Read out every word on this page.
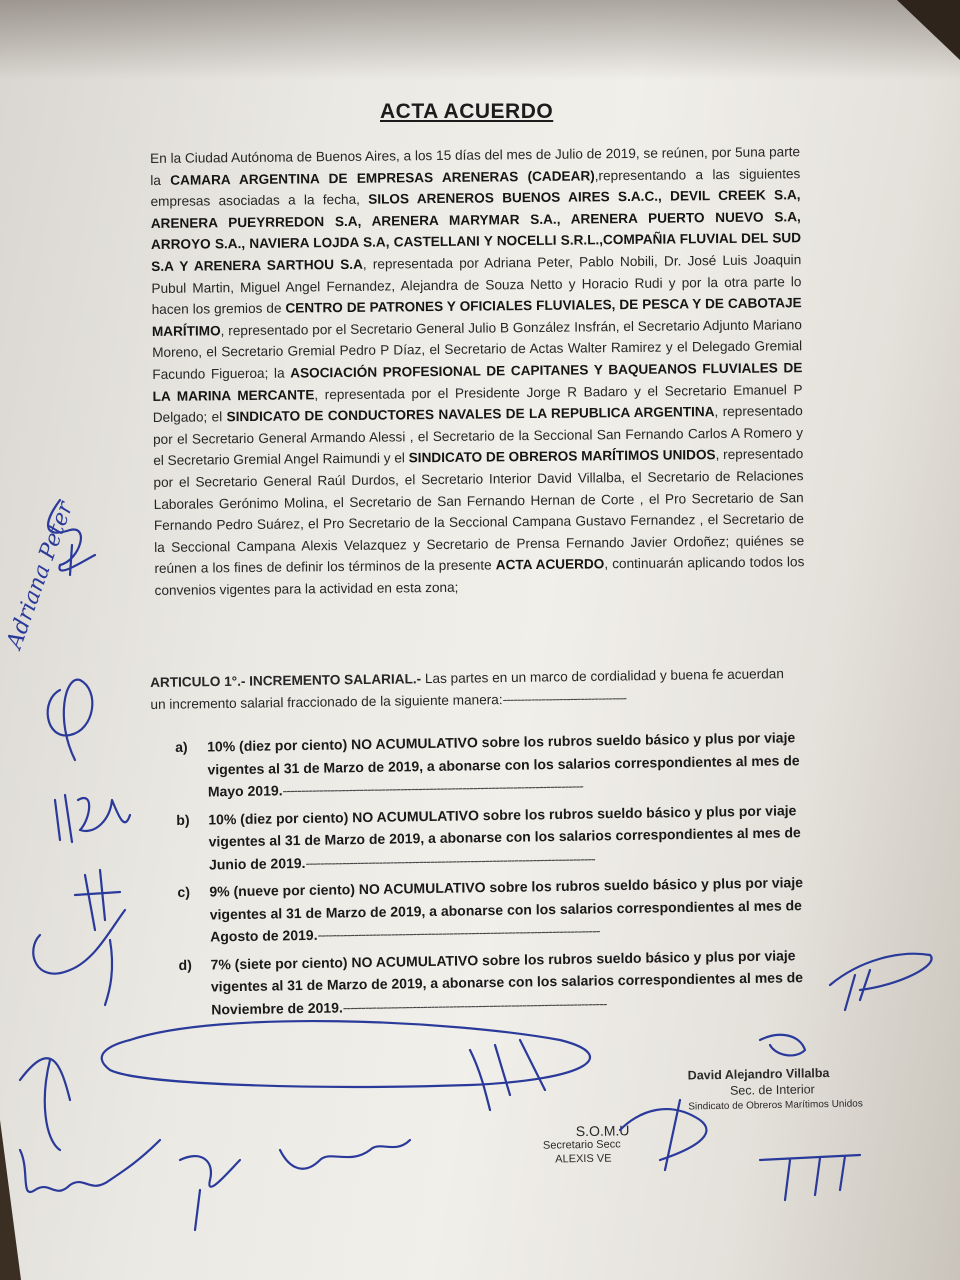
ACTA ACUERDO
En la Ciudad Autónoma de Buenos Aires, a los 15 días del mes de Julio de 2019, se reúnen, por 5una parte la CAMARA ARGENTINA DE EMPRESAS ARENERAS (CADEAR),representando a las siguientes empresas asociadas a la fecha, SILOS ARENEROS BUENOS AIRES S.A.C., DEVIL CREEK S.A, ARENERA PUEYRREDON S.A, ARENERA MARYMAR S.A., ARENERA PUERTO NUEVO S.A, ARROYO S.A., NAVIERA LOJDA S.A, CASTELLANI Y NOCELLI S.R.L.,COMPAÑIA FLUVIAL DEL SUD S.A Y ARENERA SARTHOU S.A, representada por Adriana Peter, Pablo Nobili, Dr. José Luis Joaquin Pubul Martin, Miguel Angel Fernandez, Alejandra de Souza Netto y Horacio Rudi y por la otra parte lo hacen los gremios de CENTRO DE PATRONES Y OFICIALES FLUVIALES, DE PESCA Y DE CABOTAJE MARÍTIMO, representado por el Secretario General Julio B González Insfrán, el Secretario Adjunto Mariano Moreno, el Secretario Gremial Pedro P Díaz, el Secretario de Actas Walter Ramirez y el Delegado Gremial Facundo Figueroa; la ASOCIACIÓN PROFESIONAL DE CAPITANES Y BAQUEANOS FLUVIALES DE LA MARINA MERCANTE, representada por el Presidente Jorge R Badaro y el Secretario Emanuel P Delgado; el SINDICATO DE CONDUCTORES NAVALES DE LA REPUBLICA ARGENTINA, representado por el Secretario General Armando Alessi , el Secretario de la Seccional San Fernando Carlos A Romero y el Secretario Gremial Angel Raimundi y el SINDICATO DE OBREROS MARÍTIMOS UNIDOS, representado por el Secretario General Raúl Durdos, el Secretario Interior David Villalba, el Secretario de Relaciones Laborales Gerónimo Molina, el Secretario de San Fernando Hernan de Corte , el Pro Secretario de San Fernando Pedro Suárez, el Pro Secretario de la Seccional Campana Gustavo Fernandez , el Secretario de la Seccional Campana Alexis Velazquez y Secretario de Prensa Fernando Javier Ordoñez; quiénes se reúnen a los fines de definir los términos de la presente ACTA ACUERDO, continuarán aplicando todos los convenios vigentes para la actividad en esta zona;
ARTICULO 1°.- INCREMENTO SALARIAL.- Las partes en un marco de cordialidad y buena fe acuerdan un incremento salarial fraccionado de la siguiente manera:-----------------------------------
a) 10% (diez por ciento) NO ACUMULATIVO sobre los rubros sueldo básico y plus por viaje vigentes al 31 de Marzo de 2019, a abonarse con los salarios correspondientes al mes de Mayo 2019.----------------------------------------------------------------------------------
b) 10% (diez por ciento) NO ACUMULATIVO sobre los rubros sueldo básico y plus por viaje vigentes al 31 de Marzo de 2019, a abonarse con los salarios correspondientes al mes de Junio de 2019.-------------------------------------------------------------------------------
c) 9% (nueve por ciento) NO ACUMULATIVO sobre los rubros sueldo básico y plus por viaje vigentes al 31 de Marzo de 2019, a abonarse con los salarios correspondientes al mes de Agosto de 2019.-----------------------------------------------------------------------------
d) 7% (siete por ciento) NO ACUMULATIVO sobre los rubros sueldo básico y plus por viaje vigentes al 31 de Marzo de 2019, a abonarse con los salarios correspondientes al mes de Noviembre de 2019.------------------------------------------------------------------------
David Alejandro Villalba
Sec. de Interior
Sindicato de Obreros Marítimos Unidos
S.O.M.U
Secretario Secc
ALEXIS VE
Adriana Peter
